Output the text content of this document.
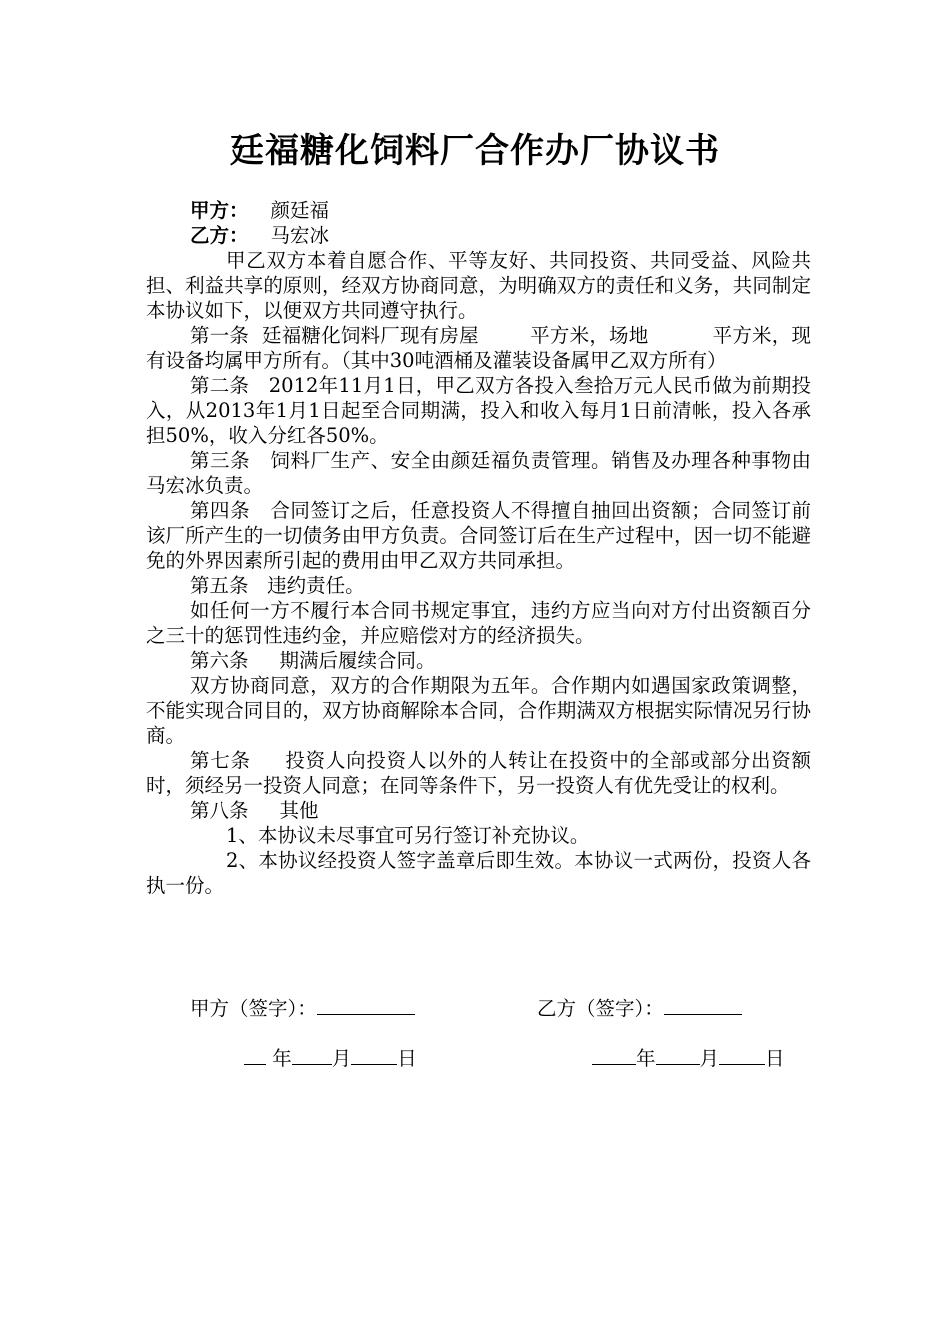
廷福糖化饲料厂合作办厂协议书

甲方： 颜廷福

乙方： 马宏冰

甲乙双方本着自愿合作、平等友好、共同投资、共同受益、风险共担、利益共享的原则，经双方协商同意，为明确双方的责任和义务，共同制定本协议如下，以便双方共同遵守执行。

第一条  廷福糖化饲料厂现有房屋        平方米，场地          平方米，现有设备均属甲方所有。（其中30吨酒桶及灌装设备属甲乙双方所有）

第二条   2012年11月1日，甲乙双方各投入叁拾万元人民币做为前期投入，从2013年1月1日起至合同期满，投入和收入每月1日前清帐，投入各承担50%，收入分红各50%。

第三条   饲料厂生产、安全由颜廷福负责管理。销售及办理各种事物由马宏冰负责。

第四条   合同签订之后，任意投资人不得擅自抽回出资额；合同签订前该厂所产生的一切债务由甲方负责。合同签订后在生产过程中，因一切不能避免的外界因素所引起的费用由甲乙双方共同承担。

第五条   违约责任。

如任何一方不履行本合同书规定事宜，违约方应当向对方付出资额百分之三十的惩罚性违约金，并应赔偿对方的经济损失。

第六条     期满后履续合同。

双方协商同意，双方的合作期限为五年。合作期内如遇国家政策调整，不能实现合同目的，双方协商解除本合同，合作期满双方根据实际情况另行协商。

第七条     投资人向投资人以外的人转让在投资中的全部或部分出资额时，须经另一投资人同意；在同等条件下，另一投资人有优先受让的权利。

第八条     其他

1、本协议未尽事宜可另行签订补充协议。

2、本协议经投资人签字盖章后即生效。本协议一式两份，投资人各执一份。

甲方（签字）：	乙方（签字）：
年 月 日	年 月 日
